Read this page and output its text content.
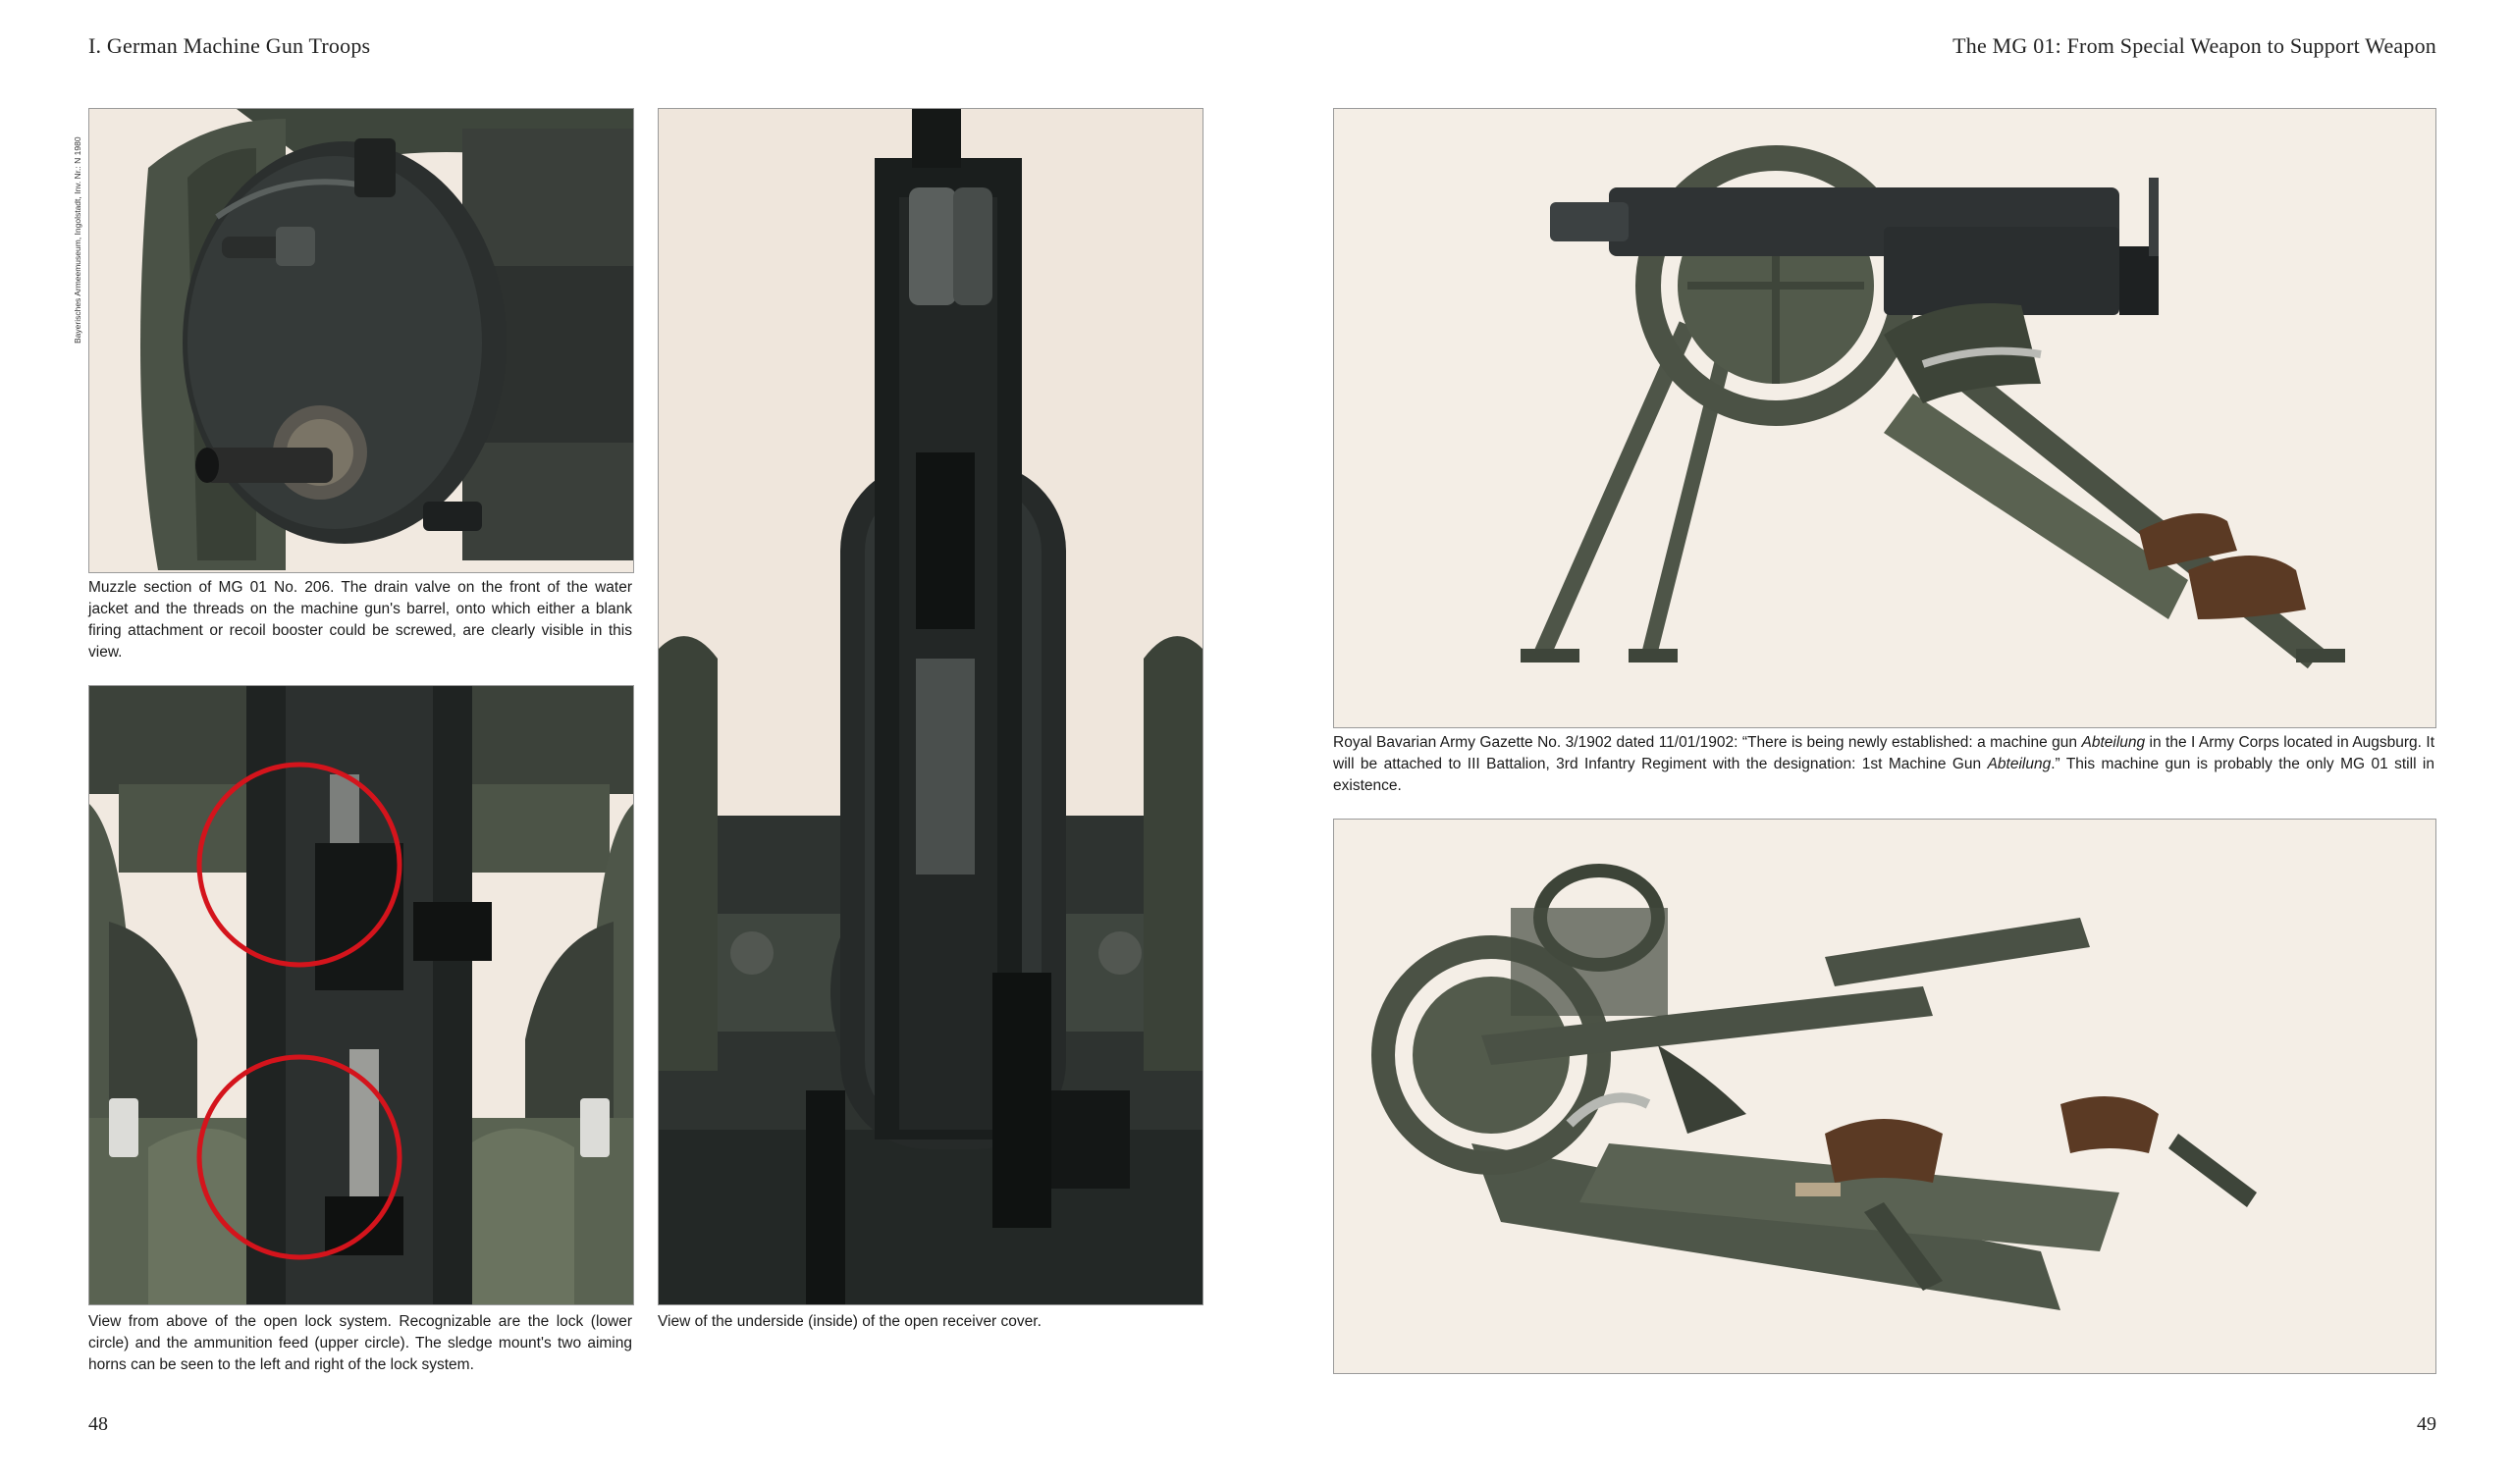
I. German Machine Gun Troops
Bayerisches Armeemuseum, Ingolstadt, Inv. Nr.: N 1980
Muzzle section of MG 01 No. 206. The drain valve on the front of the water jacket and the threads on the machine gun's barrel, onto which either a blank firing attachment or recoil booster could be screwed, are clearly visible in this view.
View from above of the open lock system. Recognizable are the lock (lower circle) and the ammunition feed (upper circle). The sledge mount's two aiming horns can be seen to the left and right of the lock system.
View of the underside (inside) of the open receiver cover.
48
The MG 01: From Special Weapon to Support Weapon
Royal Bavarian Army Gazette No. 3/1902 dated 11/01/1902: “There is being newly established: a machine gun Abteilung in the I Army Corps located in Augsburg. It will be attached to III Battalion, 3rd Infantry Regiment with the designation: 1st Machine Gun Abteilung.” This machine gun is probably the only MG 01 still in existence.
49
